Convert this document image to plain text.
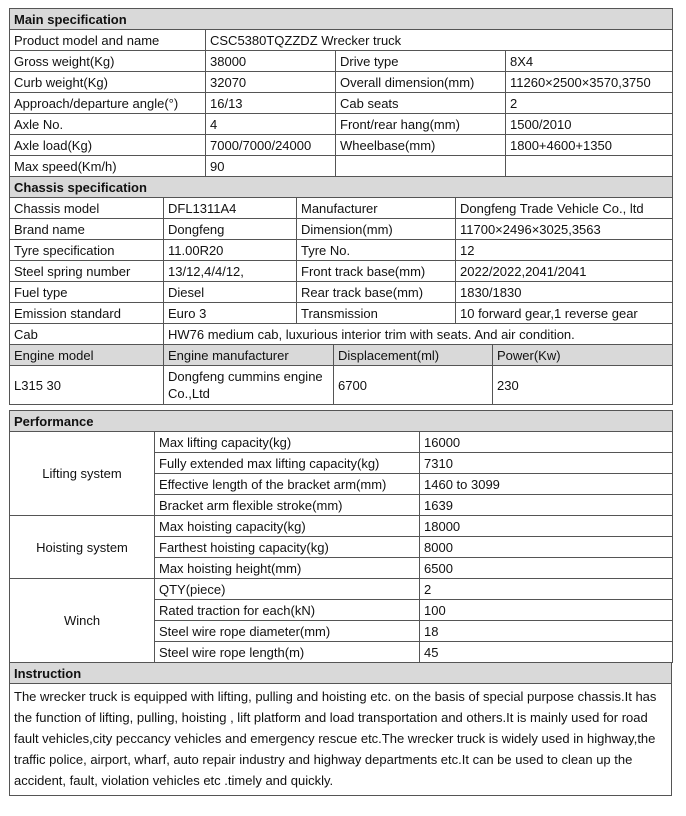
Main specification			
Product model and name	CSC5380TQZZDZ Wrecker truck		
Gross weight(Kg)	38000	Drive type	8X4
Curb weight(Kg)	32070	Overall dimension(mm)	11260×2500×3570,3750
Approach/departure angle(°)	16/13	Cab seats	2
Axle No.	4	Front/rear hang(mm)	1500/2010
Axle load(Kg)	7000/7000/24000	Wheelbase(mm)	1800+4600+1350
Max speed(Km/h)	90		
Chassis specification			
Chassis model	DFL1311A4	Manufacturer	Dongfeng Trade Vehicle Co., ltd
Brand name	Dongfeng	Dimension(mm)	11700×2496×3025,3563
Tyre specification	11.00R20	Tyre No.	12
Steel spring number	13/12,4/4/12,	Front track base(mm)	2022/2022,2041/2041
Fuel type	Diesel	Rear track base(mm)	1830/1830
Emission standard	Euro 3	Transmission	10 forward gear,1 reverse gear
Cab	HW76 medium cab, luxurious interior trim with seats. And air condition.		
Engine model	Engine manufacturer	Displacement(ml)	Power(Kw)
L315 30	Dongfeng cummins engine Co.,Ltd	6700	230
Performance		
Lifting system	Max lifting capacity(kg)	16000
	Fully extended max lifting capacity(kg)	7310
	Effective length of the bracket arm(mm)	1460 to 3099
	Bracket arm flexible stroke(mm)	1639
Hoisting system	Max hoisting capacity(kg)	18000
	Farthest hoisting capacity(kg)	8000
	Max hoisting height(mm)	6500
Winch	QTY(piece)	2
	Rated traction for each(kN)	100
	Steel wire rope diameter(mm)	18
	Steel wire rope length(m)	45
Instruction
The wrecker truck is equipped with lifting, pulling and hoisting etc. on the basis of special purpose chassis.It has the function of lifting, pulling, hoisting , lift platform and load transportation and others.It is mainly used for road fault vehicles,city peccancy vehicles and emergency rescue etc.The wrecker truck is widely used in highway,the traffic police, airport, wharf, auto repair industry and highway departments etc.It can be used to clean up the accident, fault, violation vehicles etc .timely and quickly.
